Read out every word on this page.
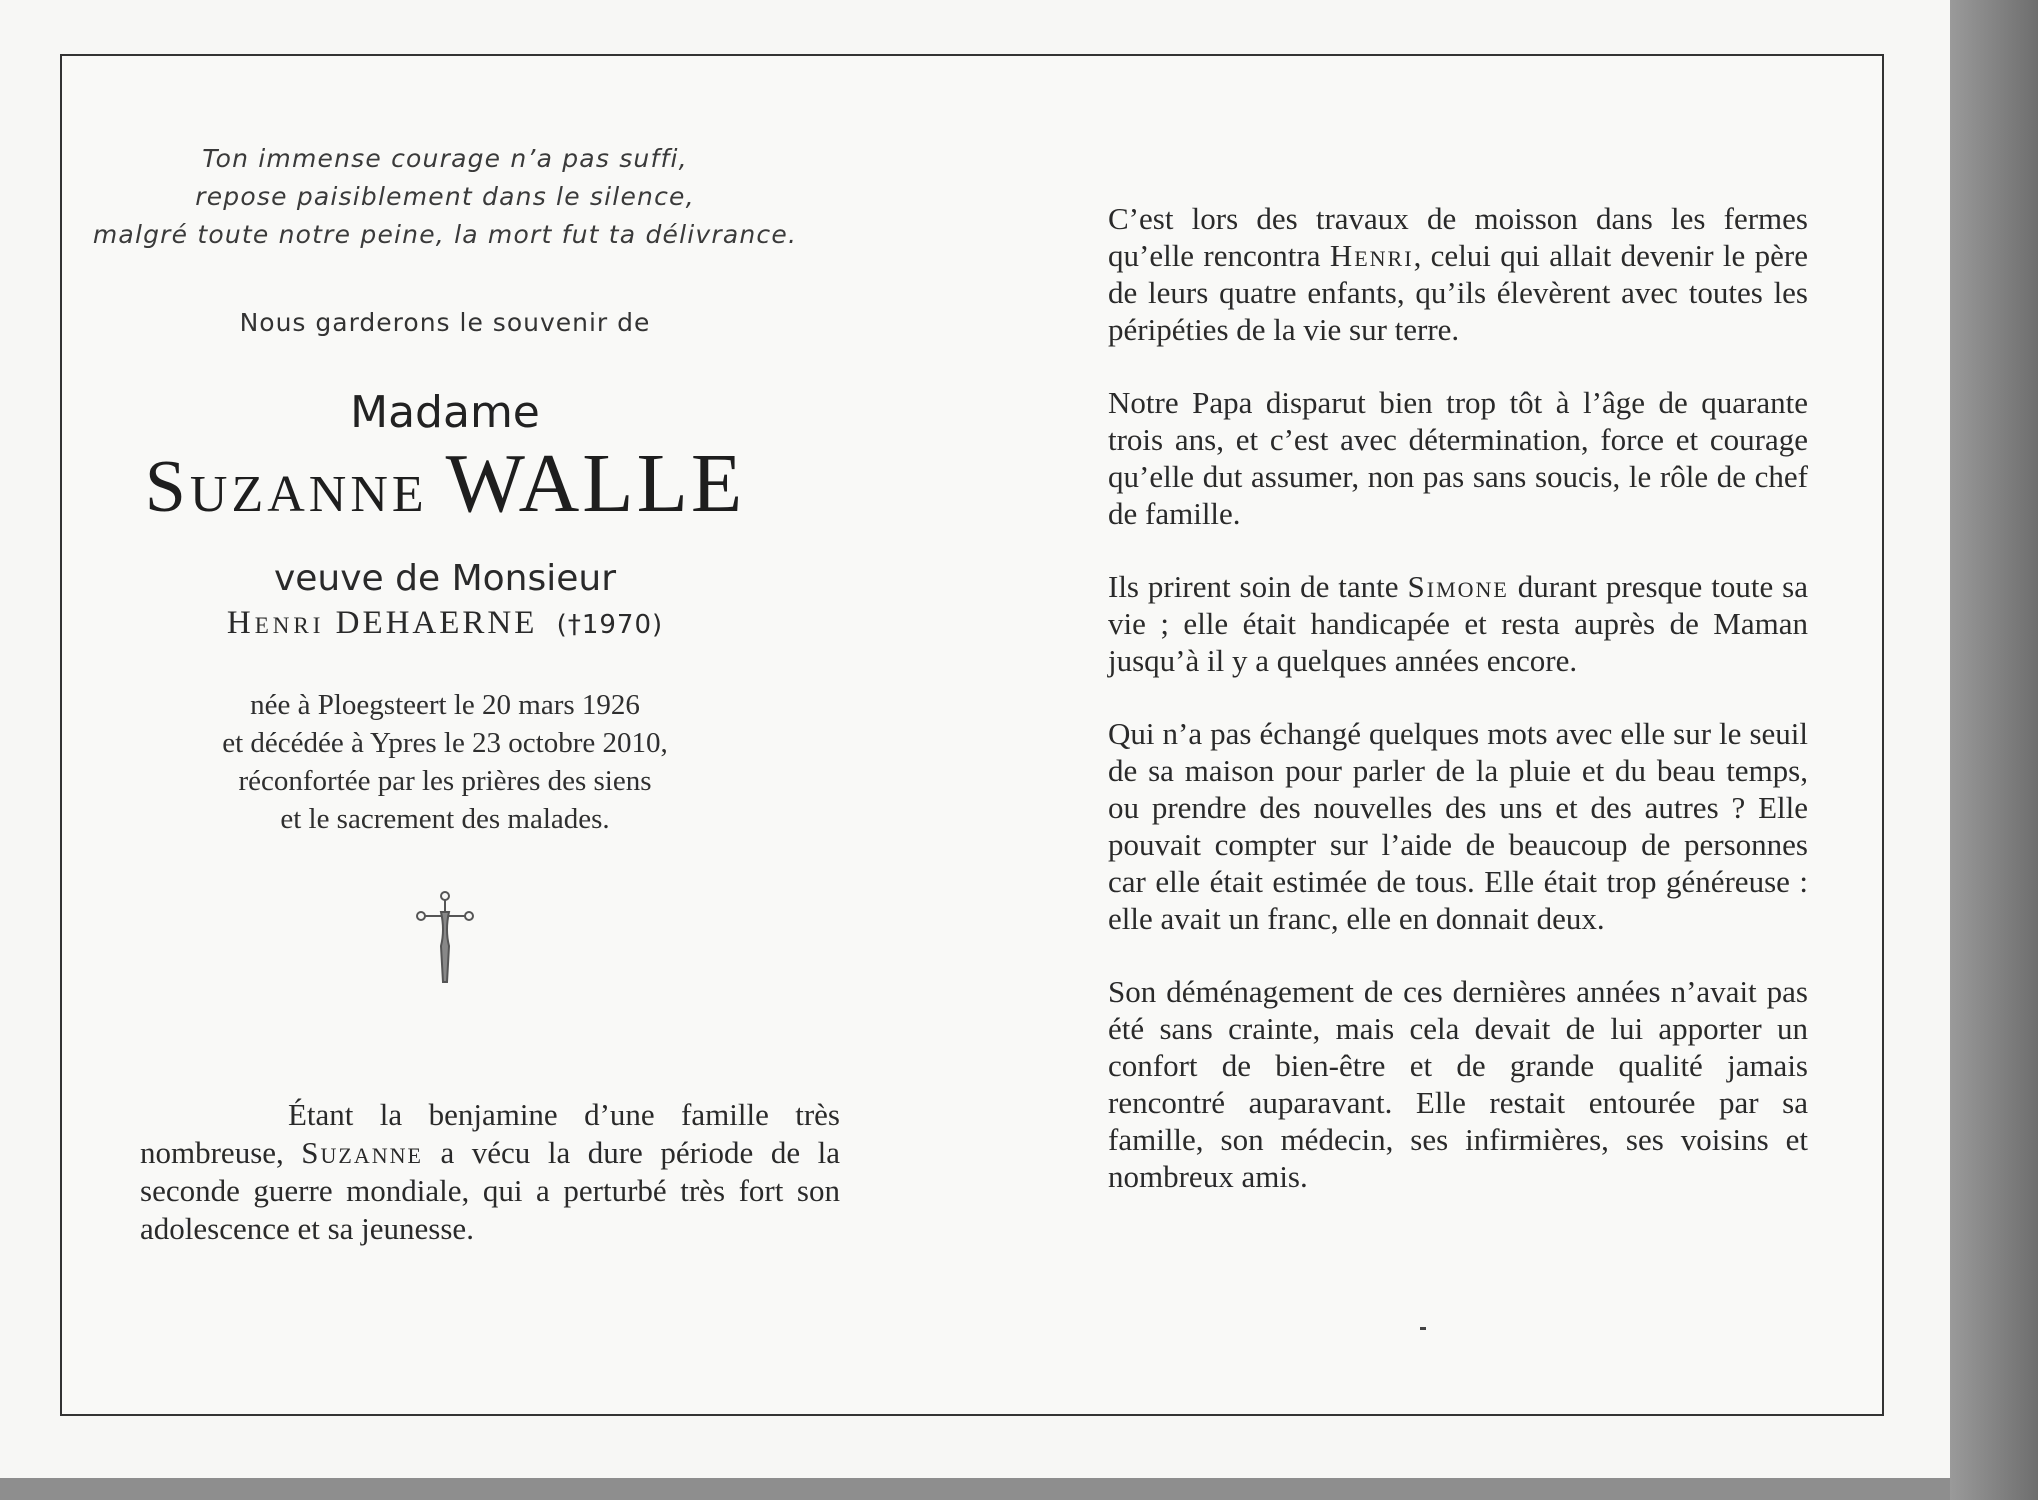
Ton immense courage n’a pas suffi,

repose paisiblement dans le silence,

malgré toute notre peine, la mort fut ta délivrance.

Nous garderons le souvenir de
Madame
Suzanne WALLE
veuve de Monsieur
Henri DEHAERNE (†1970)
née à Ploegsteert le 20 mars 1926
et décédée à Ypres le 23 octobre 2010,
réconfortée par les prières des siens
et le sacrement des malades.
Étant la benjamine d’une famille très nombreuse, Suzanne a vécu la dure période de la seconde guerre mondiale, qui a perturbé très fort son adolescence et sa jeunesse.

C’est lors des travaux de moisson dans les fermes qu’elle rencontra Henri, celui qui allait devenir le père de leurs quatre enfants, qu’ils élevèrent avec toutes les péripéties de la vie sur terre.

Notre Papa disparut bien trop tôt à l’âge de quarante trois ans, et c’est avec détermination, force et courage qu’elle dut assumer, non pas sans soucis, le rôle de chef de famille.

Ils prirent soin de tante Simone durant presque toute sa vie ; elle était handicapée et resta auprès de Maman jusqu’à il y a quelques années encore.

Qui n’a pas échangé quelques mots avec elle sur le seuil de sa maison pour parler de la pluie et du beau temps, ou prendre des nouvelles des uns et des autres ? Elle pouvait compter sur l’aide de beaucoup de personnes car elle était estimée de tous. Elle était trop généreuse : elle avait un franc, elle en donnait deux.

Son déménagement de ces dernières années n’avait pas été sans crainte, mais cela devait de lui apporter un confort de bien-être et de grande qualité jamais rencontré auparavant. Elle restait entourée par sa famille, son médecin, ses infirmières, ses voisins et nombreux amis.
